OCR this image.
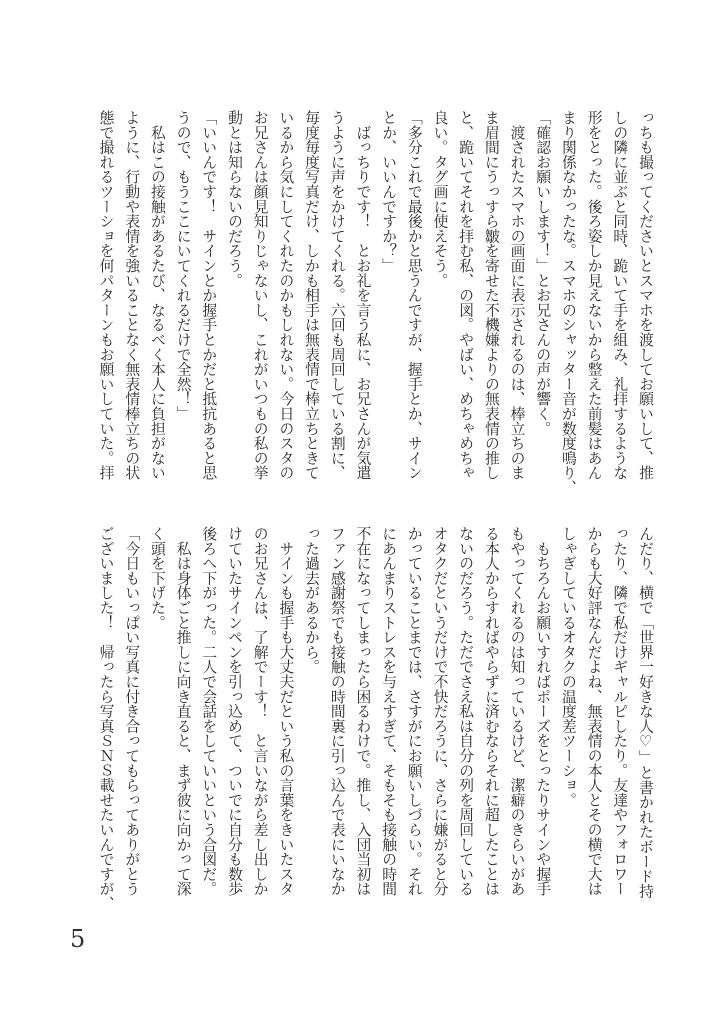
っちも撮ってくださいとスマホを渡してお願いして、推
しの隣に並ぶと同時、跪いて手を組み、礼拝するような
形をとった。後ろ姿しか見えないから整えた前髪はあん
まり関係なかったな。スマホのシャッター音が数度鳴り、
「確認お願いします！」とお兄さんの声が響く。
　渡されたスマホの画面に表示されるのは、棒立ちのま
ま眉間にうっすら皺を寄せた不機嫌よりの無表情の推し
と、跪いてそれを拝む私、の図。やばい、めちゃめちゃ
良い。タグ画に使えそう。
「多分これで最後かと思うんですが、握手とか、サイン
とか、いいんですか？」
　ばっちりです！　とお礼を言う私に、お兄さんが気遣
うように声をかけてくれる。六回も周回している割に、
毎度毎度写真だけ、しかも相手は無表情で棒立ちときて
いるから気にしてくれたのかもしれない。今日のスタの
お兄さんは顔見知りじゃないし、これがいつもの私の挙
動とは知らないのだろう。
「いいんです！　サインとか握手とかだと抵抗あると思
うので、もうここにいてくれるだけで全然！」
　私はこの接触があるたび、なるべく本人に負担がない
ように、行動や表情を強いることなく無表情棒立ちの状
態で撮れるツーショを何パターンもお願いしていた。拝
んだり、横で「世界一好きな人♡」と書かれたボード持
ったり、隣で私だけギャルピしたり。友達やフォロワー
からも大好評なんだよね、無表情の本人とその横で大は
しゃぎしているオタクの温度差ツーショ。
　もちろんお願いすればポーズをとったりサインや握手
もやってくれるのは知っているけど、潔癖のきらいがあ
る本人からすればやらずに済むならそれに超したことは
ないのだろう。ただでさえ私は自分の列を周回している
オタクだというだけで不快だろうに、さらに嫌がると分
かっていることまでは、さすがにお願いしづらい。それ
にあんまりストレスを与えすぎて、そもそも接触の時間
不在になってしまったら困るわけで。推し、入団当初は
ファン感謝祭でも接触の時間裏に引っ込んで表にいなか
った過去があるから。
　サインも握手も大丈夫だという私の言葉をきいたスタ
のお兄さんは、了解でーす！　と言いながら差し出しか
けていたサインペンを引っ込めて、ついでに自分も数歩
後ろへ下がった。二人で会話をしていいという合図だ。
　私は身体ごと推しに向き直ると、まず彼に向かって深
く頭を下げた。
「今日もいっぱい写真に付き合ってもらってありがとう
ございました！　帰ったら写真ＳＮＳ載せたいんですが、
5
